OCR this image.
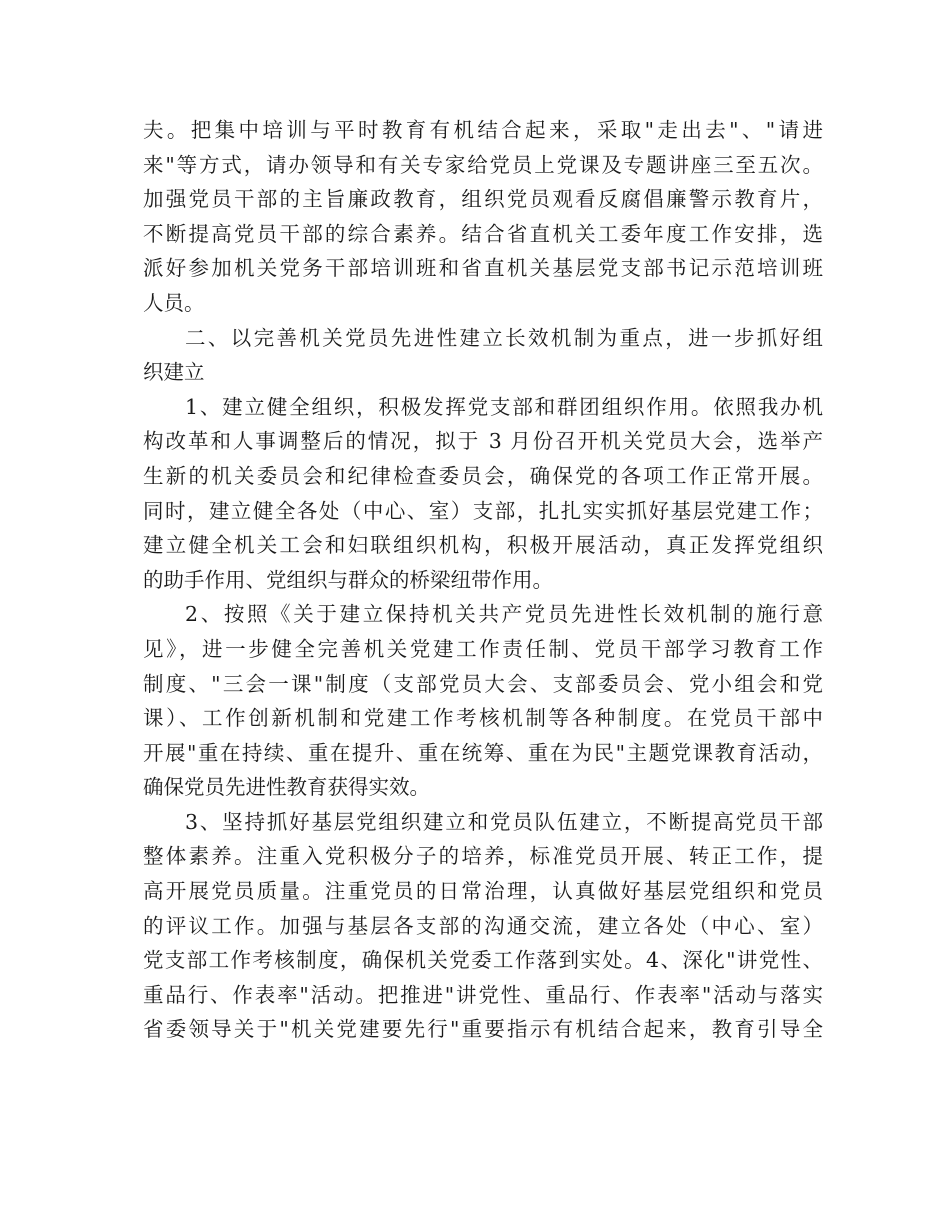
夫。把集中培训与平时教育有机结合起来，采取"走出去"、"请进
来"等方式，请办领导和有关专家给党员上党课及专题讲座三至五次。
加强党员干部的主旨廉政教育，组织党员观看反腐倡廉警示教育片，
不断提高党员干部的综合素养。结合省直机关工委年度工作安排，选
派好参加机关党务干部培训班和省直机关基层党支部书记示范培训班
人员。
二、以完善机关党员先进性建立长效机制为重点，进一步抓好组
织建立
1、建立健全组织，积极发挥党支部和群团组织作用。依照我办机
构改革和人事调整后的情况，拟于 3 月份召开机关党员大会，选举产
生新的机关委员会和纪律检查委员会，确保党的各项工作正常开展。
同时，建立健全各处（中心、室）支部，扎扎实实抓好基层党建工作；
建立健全机关工会和妇联组织机构，积极开展活动，真正发挥党组织
的助手作用、党组织与群众的桥梁纽带作用。
2、按照《关于建立保持机关共产党员先进性长效机制的施行意
见》，进一步健全完善机关党建工作责任制、党员干部学习教育工作
制度、"三会一课"制度（支部党员大会、支部委员会、党小组会和党
课）、工作创新机制和党建工作考核机制等各种制度。在党员干部中
开展"重在持续、重在提升、重在统筹、重在为民"主题党课教育活动，
确保党员先进性教育获得实效。
3、坚持抓好基层党组织建立和党员队伍建立，不断提高党员干部
整体素养。注重入党积极分子的培养，标准党员开展、转正工作，提
高开展党员质量。注重党员的日常治理，认真做好基层党组织和党员
的评议工作。加强与基层各支部的沟通交流，建立各处（中心、室）
党支部工作考核制度，确保机关党委工作落到实处。4、深化"讲党性、
重品行、作表率"活动。把推进"讲党性、重品行、作表率"活动与落实
省委领导关于"机关党建要先行"重要指示有机结合起来，教育引导全
